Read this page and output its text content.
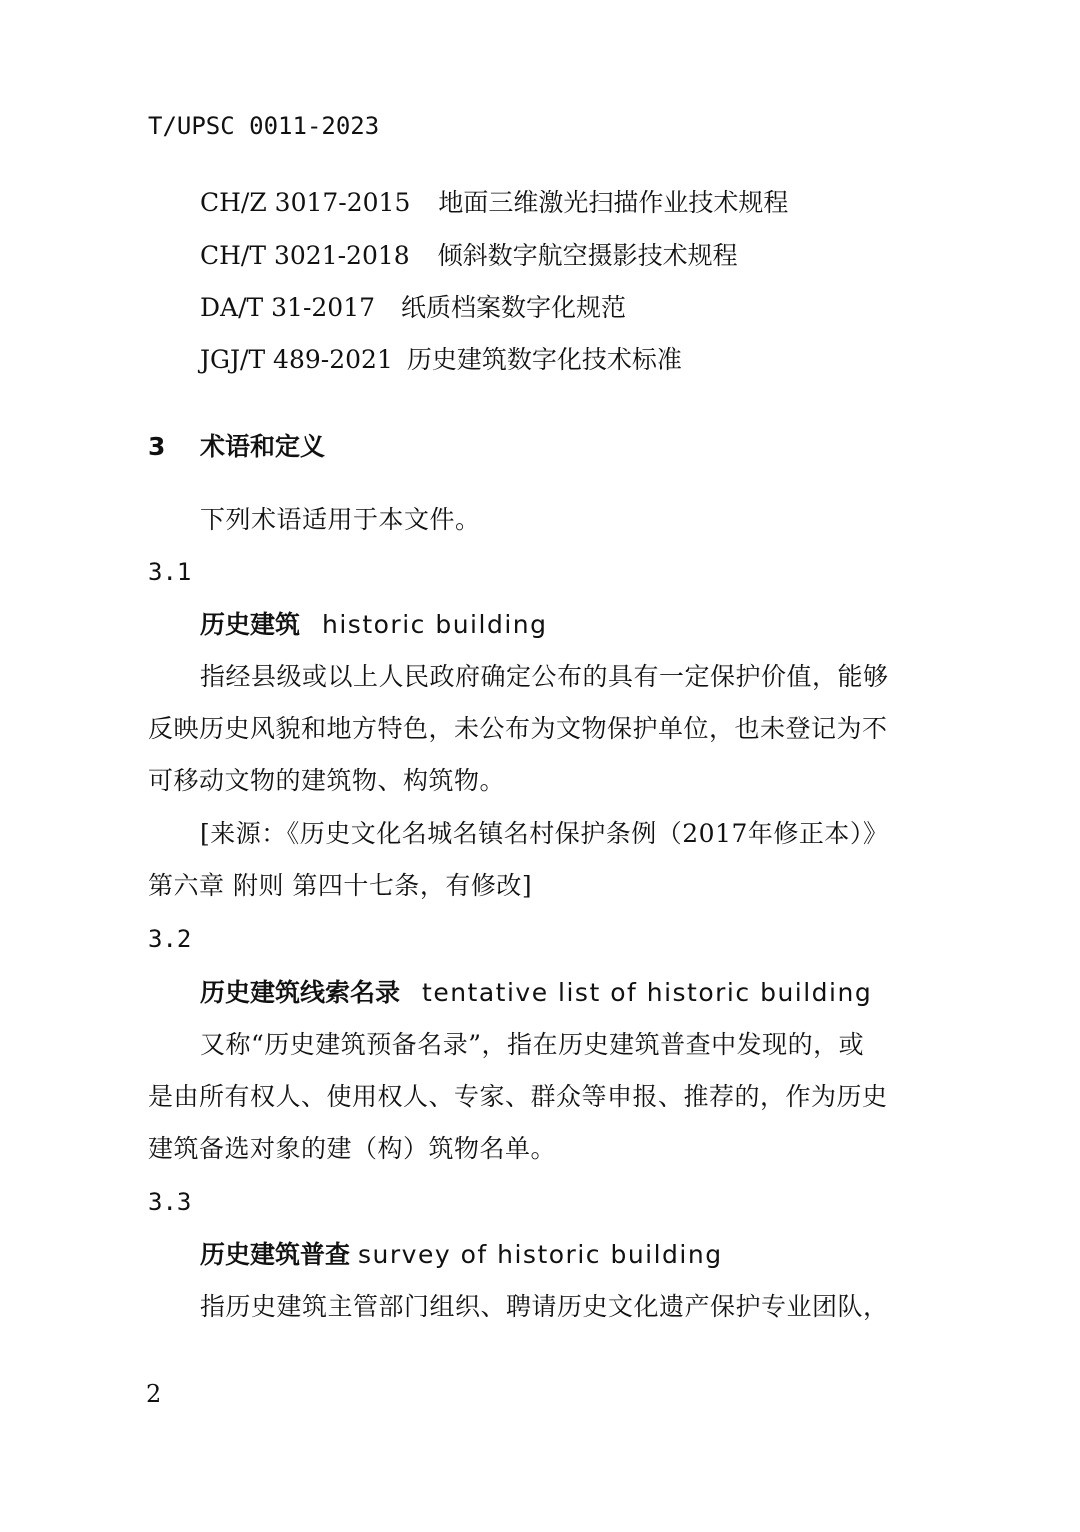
T/UPSC 0011-2023
CH/Z 3017-2015 地面三维激光扫描作业技术规程
CH/T 3021-2018 倾斜数字航空摄影技术规程
DA/T 31-2017 纸质档案数字化规范
JGJ/T 489-2021 历史建筑数字化技术标准
3 术语和定义
下列术语适用于本文件。
3.1
历史建筑 historic building
指经县级或以上人民政府确定公布的具有一定保护价值，能够
反映历史风貌和地方特色，未公布为文物保护单位，也未登记为不
可移动文物的建筑物、构筑物。
[来源：《历史文化名城名镇名村保护条例（2017年修正本）》
第六章 附则 第四十七条，有修改]
3.2
历史建筑线索名录 tentative list of historic building
又称“历史建筑预备名录”，指在历史建筑普查中发现的，或
是由所有权人、使用权人、专家、群众等申报、推荐的，作为历史
建筑备选对象的建（构）筑物名单。
3.3
历史建筑普查 survey of historic building
指历史建筑主管部门组织、聘请历史文化遗产保护专业团队，
2
